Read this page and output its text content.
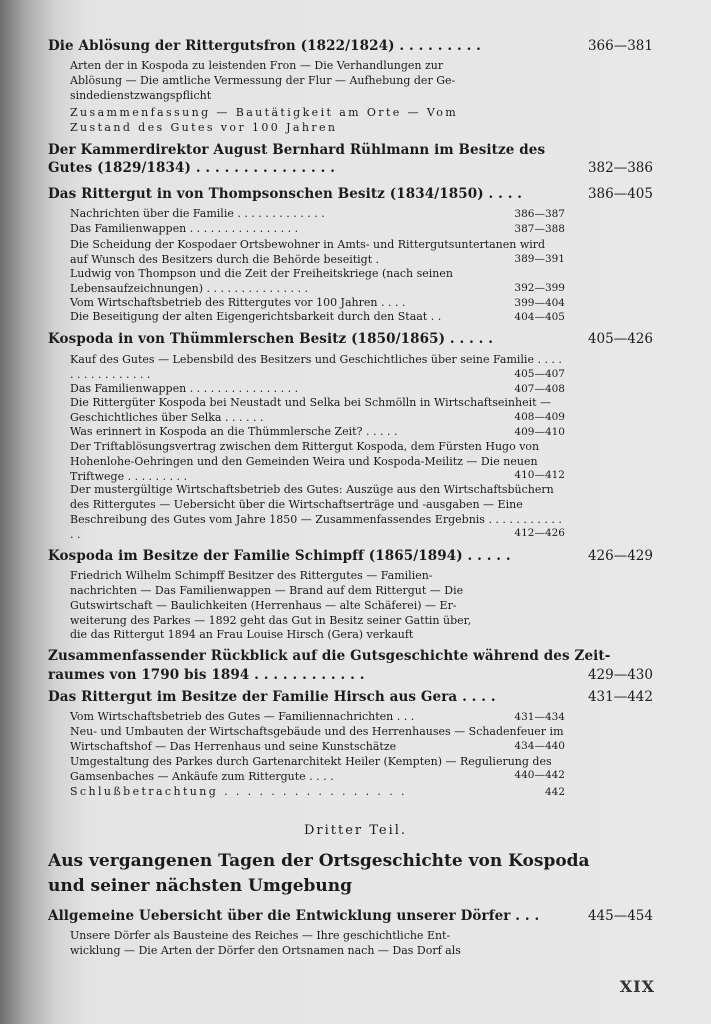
Die Ablösung der Rittergutsfron (1822/1824) . . . . . . . . .	366—381
Arten der in Kospoda zu leistenden Fron — Die Verhandlungen zur
Ablösung — Die amtliche Vermessung der Flur — Aufhebung der Ge-
sindedienstzwangspflicht
Zusammenfassung — Bautätigkeit am Orte — Vom
Zustand des Gutes vor 100 Jahren
Der Kammerdirektor August Bernhard Rühlmann im Besitze des
Gutes (1829/1834) . . . . . . . . . . . . . . .	382—386
Das Rittergut in von Thompsonschen Besitz (1834/1850) . . . .	386—405
Nachrichten über die Familie . . . . . . . . . . . . .	386—387
Das Familienwappen . . . . . . . . . . . . . . . .	387—388
Die Scheidung der Kospodaer Ortsbewohner in Amts- und Rittergutsuntertanen wird auf Wunsch des Besitzers durch die Behörde beseitigt .	389—391
Ludwig von Thompson und die Zeit der Freiheitskriege (nach seinen Lebensaufzeichnungen) . . . . . . . . . . . . . . .	392—399
Vom Wirtschaftsbetrieb des Rittergutes vor 100 Jahren . . . .	399—404
Die Beseitigung der alten Eigengerichtsbarkeit durch den Staat . .	404—405
Kospoda in von Thümmlerschen Besitz (1850/1865) . . . . .	405—426
Kauf des Gutes — Lebensbild des Besitzers und Geschichtliches über seine Familie . . . . . . . . . . . . . . . .	405—407
Das Familienwappen . . . . . . . . . . . . . . . .	407—408
Die Rittergüter Kospoda bei Neustadt und Selka bei Schmölln in Wirtschaftseinheit — Geschichtliches über Selka . . . . . .	408—409
Was erinnert in Kospoda an die Thümmlersche Zeit? . . . . .	409—410
Der Triftablösungsvertrag zwischen dem Rittergut Kospoda, dem Fürsten Hugo von Hohenlohe-Oehringen und den Gemeinden Weira und Kospoda-Meilitz — Die neuen Triftwege . . . . . . . . .	410—412
Der mustergültige Wirtschaftsbetrieb des Gutes: Auszüge aus den Wirtschaftsbüchern des Rittergutes — Uebersicht über die Wirtschaftserträge und -ausgaben — Eine Beschreibung des Gutes vom Jahre 1850 — Zusammenfassendes Ergebnis . . . . . . . . . . . . .	412—426
Kospoda im Besitze der Familie Schimpff (1865/1894) . . . . .	426—429
Friedrich Wilhelm Schimpff Besitzer des Rittergutes — Familien-
nachrichten — Das Familienwappen — Brand auf dem Rittergut — Die
Gutswirtschaft — Baulichkeiten (Herrenhaus — alte Schäferei) — Er-
weiterung des Parkes — 1892 geht das Gut in Besitz seiner Gattin über,
die das Rittergut 1894 an Frau Louise Hirsch (Gera) verkauft
Zusammenfassender Rückblick auf die Gutsgeschichte während des Zeit-
raumes von 1790 bis 1894 . . . . . . . . . . . .	429—430
Das Rittergut im Besitze der Familie Hirsch aus Gera . . . .	431—442
Vom Wirtschaftsbetrieb des Gutes — Familiennachrichten . . .	431—434
Neu- und Umbauten der Wirtschaftsgebäude und des Herrenhauses — Schadenfeuer im Wirtschaftshof — Das Herrenhaus und seine Kunstschätze	434—440
Umgestaltung des Parkes durch Gartenarchitekt Heiler (Kempten) — Regulierung des Gamsenbaches — Ankäufe zum Rittergute . . . .	440—442
Schlußbetrachtung . . . . . . . . . . . . . . . .	442
Dritter Teil.
Aus vergangenen Tagen der Ortsgeschichte von Kospoda
und seiner nächsten Umgebung
Allgemeine Uebersicht über die Entwicklung unserer Dörfer . . .	445—454
Unsere Dörfer als Bausteine des Reiches — Ihre geschichtliche Ent-
wicklung — Die Arten der Dörfer den Ortsnamen nach — Das Dorf als
XIX
